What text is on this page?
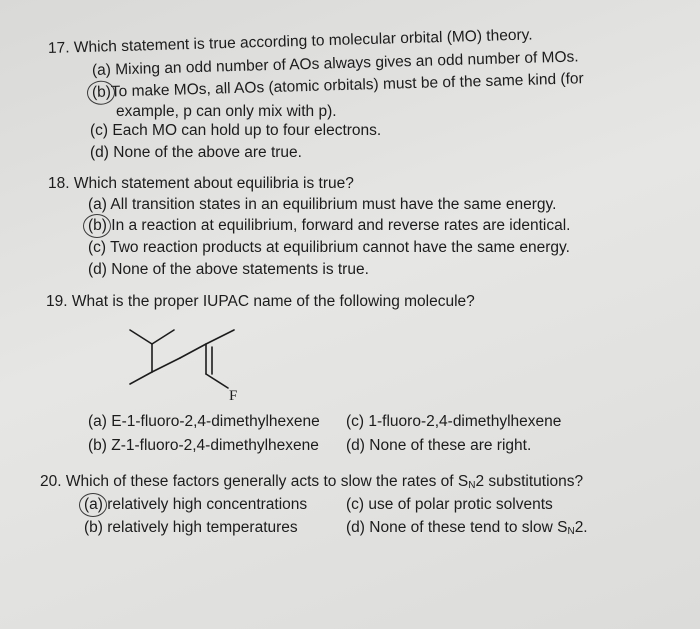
17. Which statement is true according to molecular orbital (MO) theory.
(a) Mixing an odd number of AOs always gives an odd number of MOs.
(b)To make MOs, all AOs (atomic orbitals) must be of the same kind (for
example, p can only mix with p).
(c) Each MO can hold up to four electrons.
(d) None of the above are true.
18. Which statement about equilibria is true?
(a) All transition states in an equilibrium must have the same energy.
(b) In a reaction at equilibrium, forward and reverse rates are identical.
(c) Two reaction products at equilibrium cannot have the same energy.
(d) None of the above statements is true.
19. What is the proper IUPAC name of the following molecule?
F
(a) E-1-fluoro-2,4-dimethylhexene (c) 1-fluoro-2,4-dimethylhexene
(b) Z-1-fluoro-2,4-dimethylhexene (d) None of these are right.
20. Which of these factors generally acts to slow the rates of $S_N2$ substitutions?
(a) relatively high concentrations	(c) use of polar protic solvents
(b) relatively high temperatures	(d) None of these tend to slow $S_N2$.
